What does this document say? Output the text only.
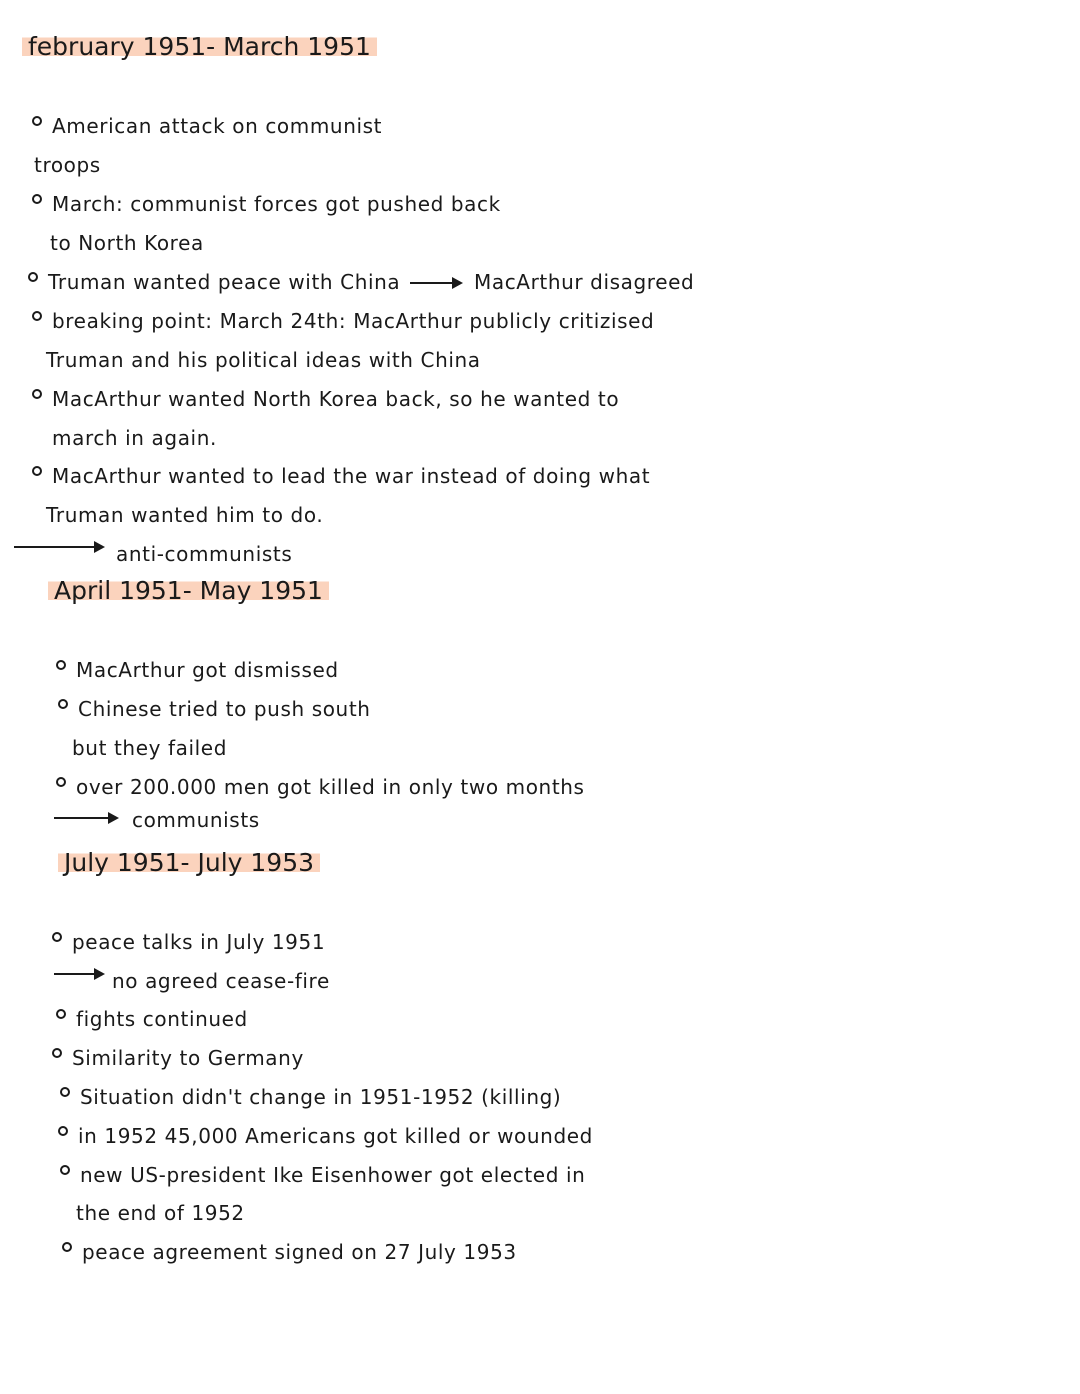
february 1951- March 1951
American attack on communist
troops
March: communist forces got pushed back
to North Korea
Truman wanted peace with China	MacArthur disagreed
breaking point: March 24th: MacArthur publicly critizised
Truman and his political ideas with China
MacArthur wanted North Korea back, so he wanted to
march in again.
MacArthur wanted to lead the war instead of doing what
Truman wanted him to do.
anti-communists
April 1951- May 1951
MacArthur got dismissed
Chinese tried to push south
but they failed
over 200.000 men got killed in only two months
communists
July 1951- July 1953
peace talks in July 1951
no agreed cease-fire
fights continued
Similarity to Germany
Situation didn't change in 1951-1952 (killing)
in 1952 45,000 Americans got killed or wounded
new US-president Ike Eisenhower got elected in
the end of 1952
peace agreement signed on 27 July 1953
